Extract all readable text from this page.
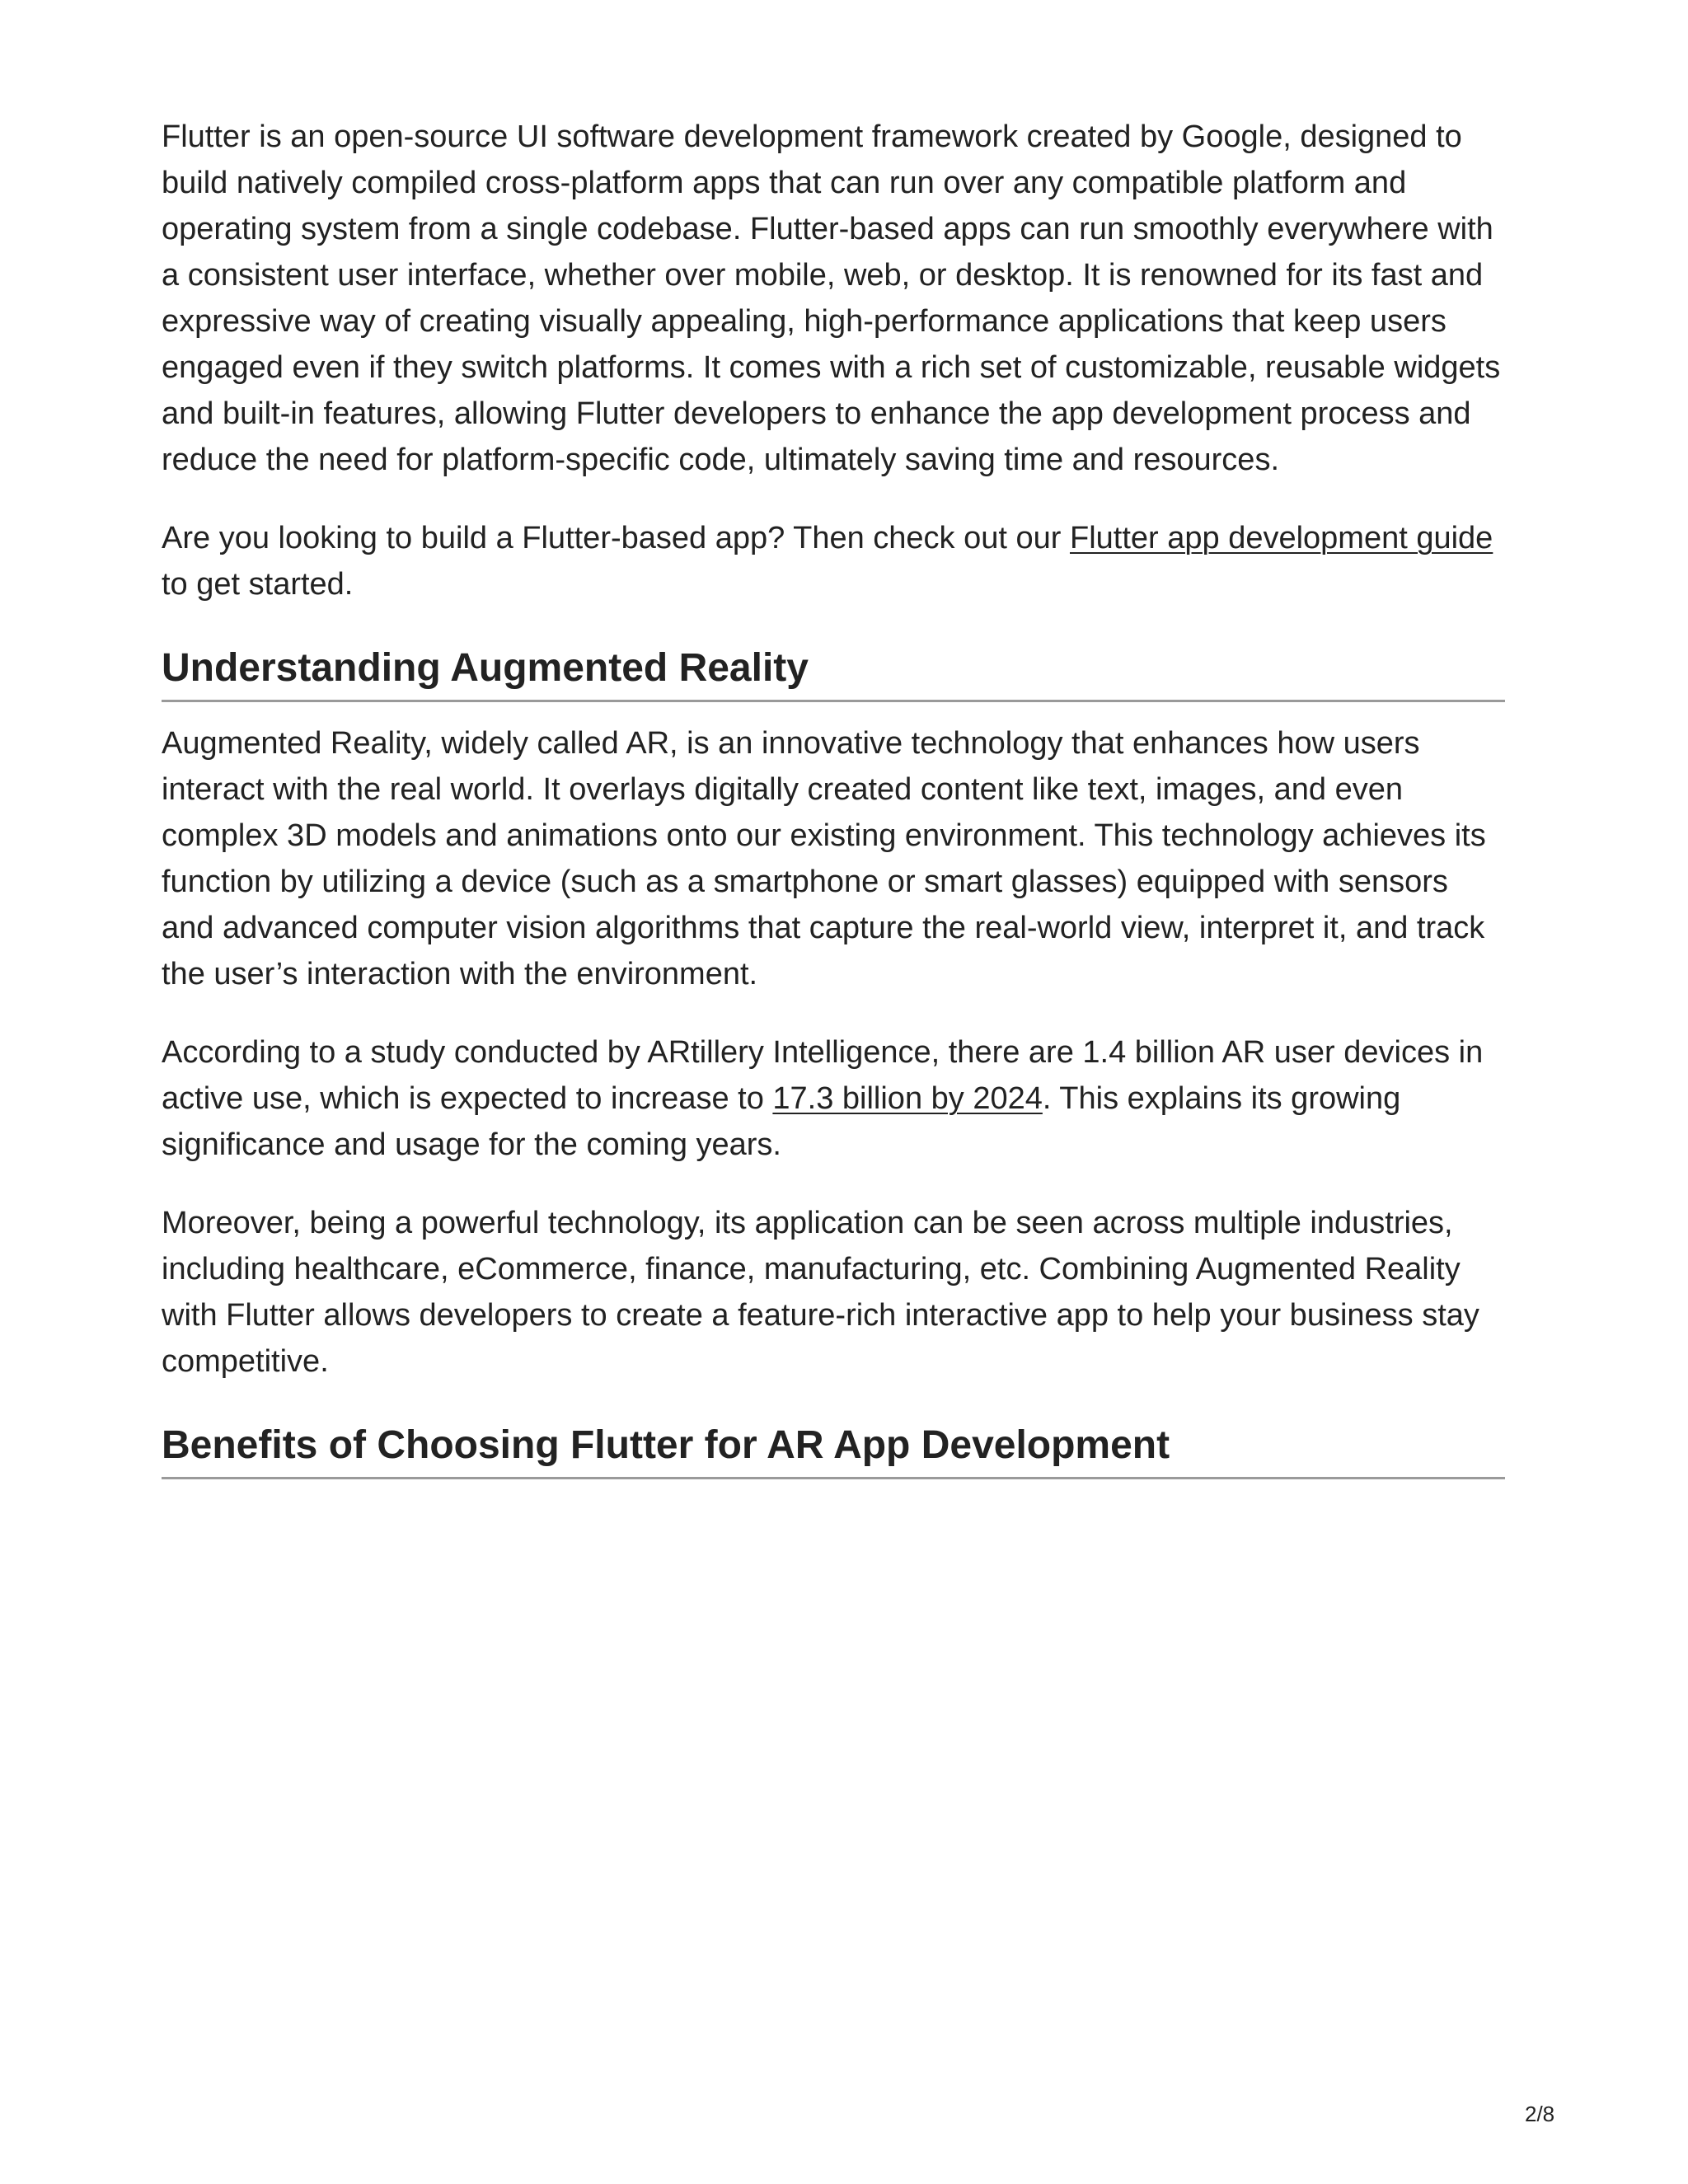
Flutter is an open-source UI software development framework created by Google, designed to build natively compiled cross-platform apps that can run over any compatible platform and operating system from a single codebase. Flutter-based apps can run smoothly everywhere with a consistent user interface, whether over mobile, web, or desktop. It is renowned for its fast and expressive way of creating visually appealing, high-performance applications that keep users engaged even if they switch platforms. It comes with a rich set of customizable, reusable widgets and built-in features, allowing Flutter developers to enhance the app development process and reduce the need for platform-specific code, ultimately saving time and resources.

Are you looking to build a Flutter-based app? Then check out our Flutter app development guide to get started.

Understanding Augmented Reality

Augmented Reality, widely called AR, is an innovative technology that enhances how users interact with the real world. It overlays digitally created content like text, images, and even complex 3D models and animations onto our existing environment. This technology achieves its function by utilizing a device (such as a smartphone or smart glasses) equipped with sensors and advanced computer vision algorithms that capture the real-world view, interpret it, and track the user’s interaction with the environment.

According to a study conducted by ARtillery Intelligence, there are 1.4 billion AR user devices in active use, which is expected to increase to 17.3 billion by 2024. This explains its growing significance and usage for the coming years.

Moreover, being a powerful technology, its application can be seen across multiple industries, including healthcare, eCommerce, finance, manufacturing, etc. Combining Augmented Reality with Flutter allows developers to create a feature-rich interactive app to help your business stay competitive.

Benefits of Choosing Flutter for AR App Development
2/8
